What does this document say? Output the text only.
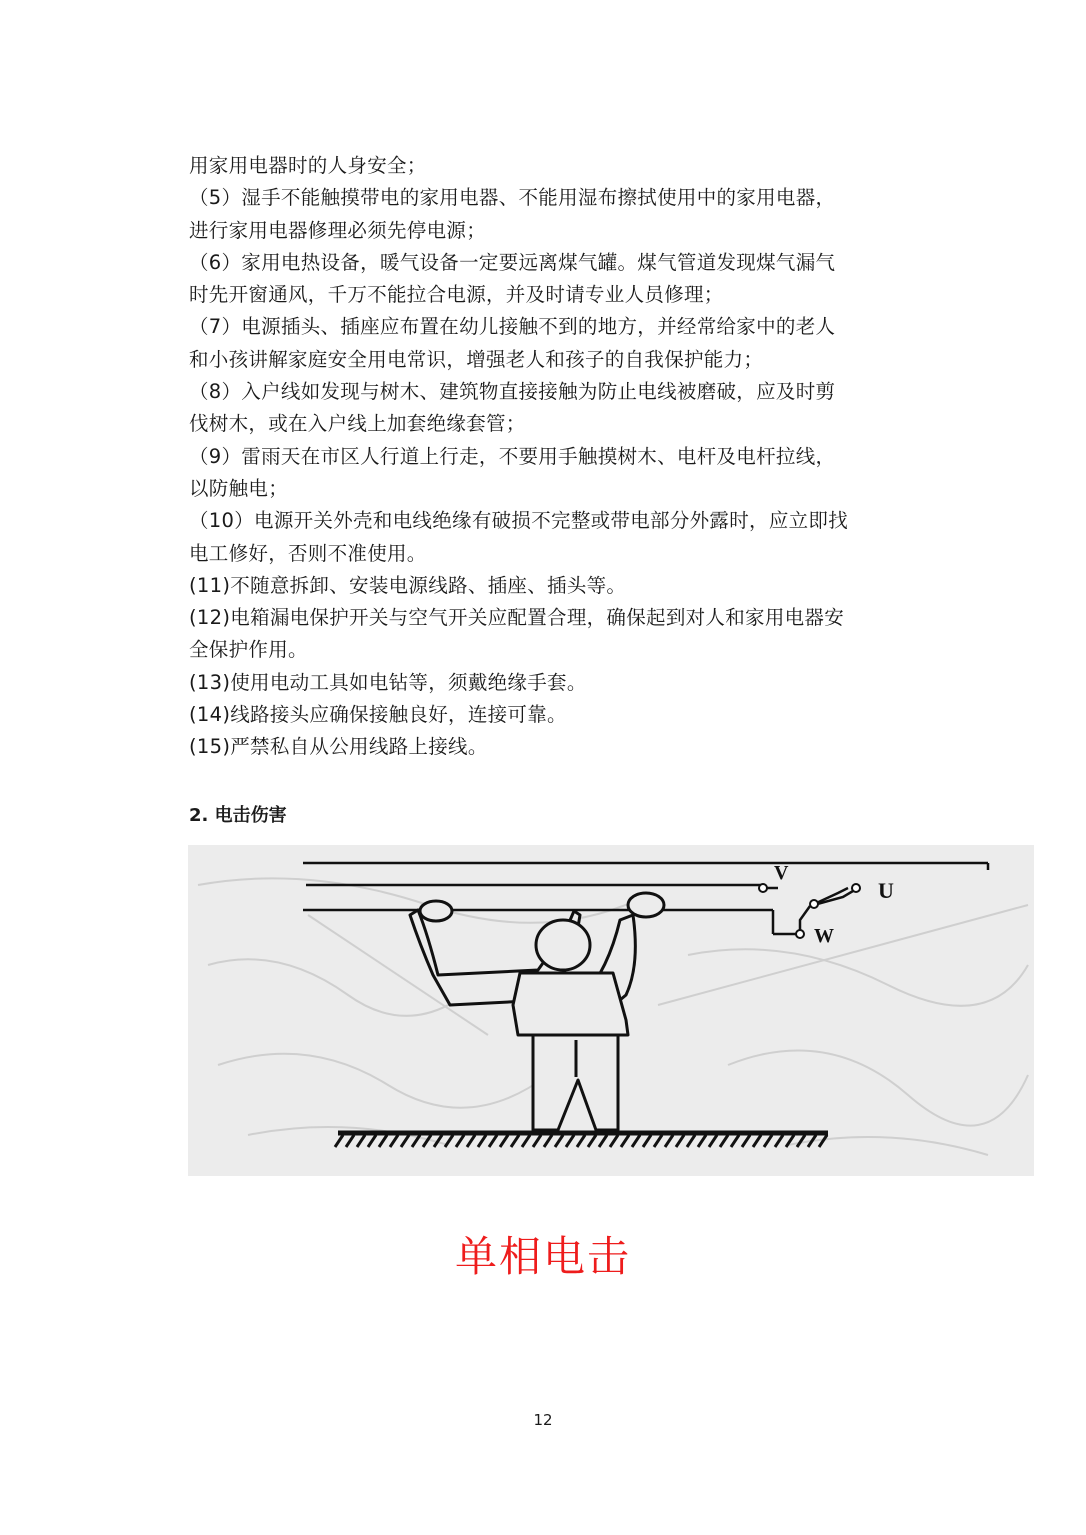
用家用电器时的人身安全；
（5）湿手不能触摸带电的家用电器、不能用湿布擦拭使用中的家用电器，
进行家用电器修理必须先停电源；
（6）家用电热设备，暖气设备一定要远离煤气罐。煤气管道发现煤气漏气
时先开窗通风，千万不能拉合电源，并及时请专业人员修理；
（7）电源插头、插座应布置在幼儿接触不到的地方，并经常给家中的老人
和小孩讲解家庭安全用电常识，增强老人和孩子的自我保护能力；
（8）入户线如发现与树木、建筑物直接接触为防止电线被磨破，应及时剪
伐树木，或在入户线上加套绝缘套管；
（9）雷雨天在市区人行道上行走，不要用手触摸树木、电杆及电杆拉线，
以防触电；
（10）电源开关外壳和电线绝缘有破损不完整或带电部分外露时，应立即找
电工修好，否则不准使用。
(11)不随意拆卸、安装电源线路、插座、插头等。
(12)电箱漏电保护开关与空气开关应配置合理，确保起到对人和家用电器安
全保护作用。
(13)使用电动工具如电钻等，须戴绝缘手套。
(14)线路接头应确保接触良好，连接可靠。
(15)严禁私自从公用线路上接线。
2. 电击伤害
V
U
W
单相电击
12
